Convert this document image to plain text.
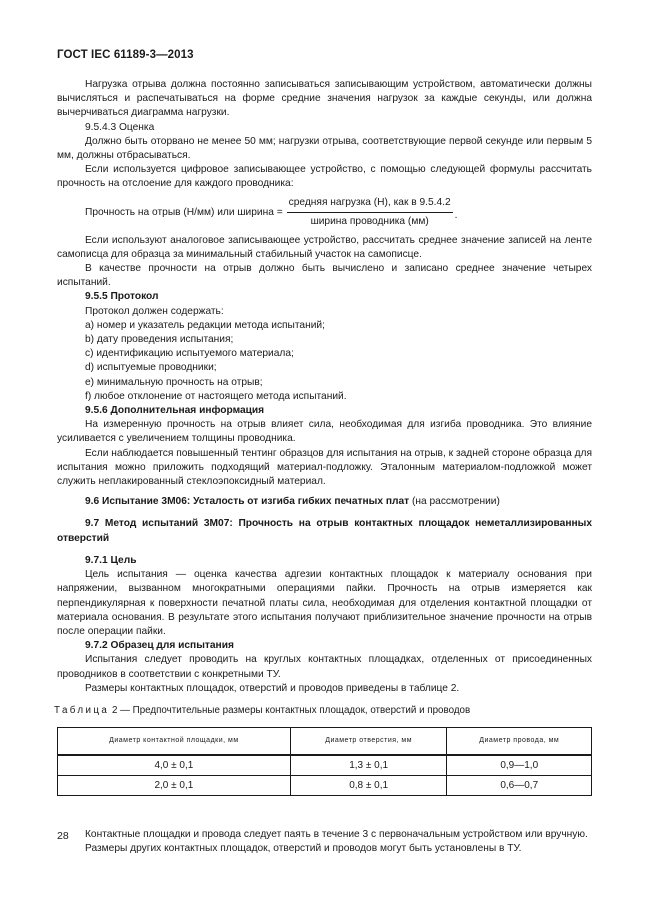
ГОСТ IEC 61189-3—2013

Нагрузка отрыва должна постоянно записываться записывающим устройством, автоматически должны вычисляться и распечатываться на форме средние значения нагрузок за каждые секунды, или должна вычерчиваться диаграмма нагрузки.

9.5.4.3 Оценка

Должно быть оторвано не менее 50 мм; нагрузки отрыва, соответствующие первой секунде или первым 5 мм, должны отбрасываться.

Если используется цифровое записывающее устройство, с помощью следующей формулы рассчитать прочность на отслоение для каждого проводника:

Прочность на отрыв (Н/мм) или ширина = $\frac{\text{средняя нагрузка (Н), как в 9.5.4.2}}{\text{ширина проводника (мм)}}$ .

Если используют аналоговое записывающее устройство, рассчитать среднее значение записей на ленте самописца для образца за минимальный стабильный участок на самописце.

В качестве прочности на отрыв должно быть вычислено и записано среднее значение четырех испытаний.

9.5.5 Протокол

Протокол должен содержать:

a) номер и указатель редакции метода испытаний;

b) дату проведения испытания;

c) идентификацию испытуемого материала;

d) испытуемые проводники;

e) минимальную прочность на отрыв;

f) любое отклонение от настоящего метода испытаний.

9.5.6 Дополнительная информация

На измеренную прочность на отрыв влияет сила, необходимая для изгиба проводника. Это влияние усиливается с увеличением толщины проводника.

Если наблюдается повышенный тентинг образцов для испытания на отрыв, к задней стороне образца для испытания можно приложить подходящий материал-подложку. Эталонным материалом-подложкой может служить неплакированный стеклоэпоксидный материал.

9.6 Испытание 3М06: Усталость от изгиба гибких печатных плат (на рассмотрении)

9.7 Метод испытаний 3М07: Прочность на отрыв контактных площадок неметаллизированных отверстий

9.7.1 Цель

Цель испытания — оценка качества адгезии контактных площадок к материалу основания при напряжении, вызванном многократными операциями пайки. Прочность на отрыв измеряется как перпендикулярная к поверхности печатной платы сила, необходимая для отделения контактной площадки от материала основания. В результате этого испытания получают приблизительное значение прочности на отрыв после операции пайки.

9.7.2 Образец для испытания

Испытания следует проводить на круглых контактных площадках, отделенных от присоединенных проводников в соответствии с конкретными ТУ.

Размеры контактных площадок, отверстий и проводов приведены в таблице 2.

Таблица 2 — Предпочтительные размеры контактных площадок, отверстий и проводов

Диаметр контактной площадки, мм	Диаметр отверстия, мм	Диаметр провода, мм
4,0 ± 0,1	1,3 ± 0,1	0,9—1,0
2,0 ± 0,1	0,8 ± 0,1	0,6—0,7

Контактные площадки и провода следует паять в течение 3 с первоначальным устройством или вручную.

Размеры других контактных площадок, отверстий и проводов могут быть установлены в ТУ.

28
